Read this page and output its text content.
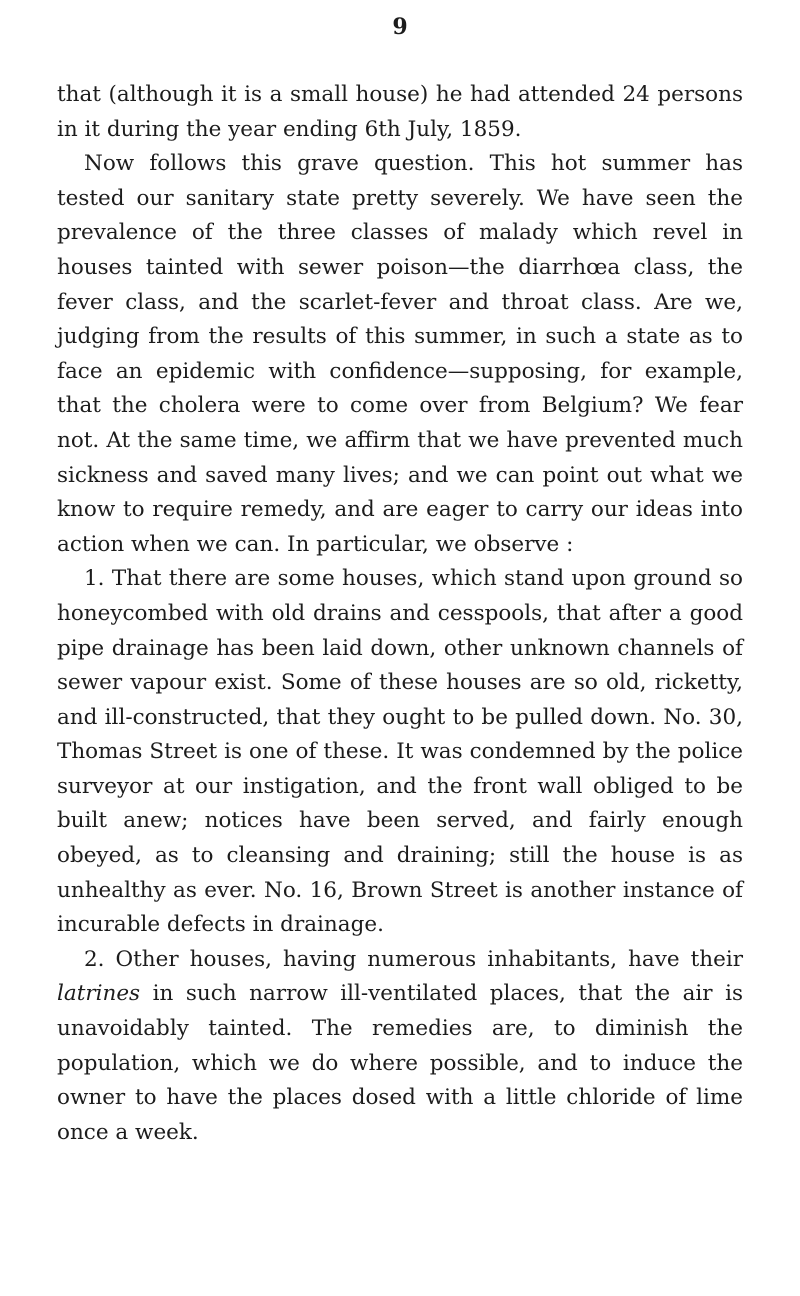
9

that (although it is a small house) he had attended 24 persons in it during the year ending 6th July, 1859.

Now follows this grave question. This hot summer has tested our sanitary state pretty severely. We have seen the prevalence of the three classes of malady which revel in houses tainted with sewer poison—the diarrhœa class, the fever class, and the scarlet-fever and throat class. Are we, judging from the results of this summer, in such a state as to face an epidemic with confidence—supposing, for example, that the cholera were to come over from Belgium? We fear not. At the same time, we affirm that we have prevented much sickness and saved many lives; and we can point out what we know to require remedy, and are eager to carry our ideas into action when we can. In particular, we observe :

1. That there are some houses, which stand upon ground so honeycombed with old drains and cesspools, that after a good pipe drainage has been laid down, other unknown channels of sewer vapour exist. Some of these houses are so old, ricketty, and ill-constructed, that they ought to be pulled down. No. 30, Thomas Street is one of these. It was condemned by the police surveyor at our instigation, and the front wall obliged to be built anew; notices have been served, and fairly enough obeyed, as to cleansing and draining; still the house is as unhealthy as ever. No. 16, Brown Street is another instance of incurable defects in drainage.

2. Other houses, having numerous inhabitants, have their latrines in such narrow ill-ventilated places, that the air is unavoidably tainted. The remedies are, to diminish the population, which we do where possible, and to induce the owner to have the places dosed with a little chloride of lime once a week.
